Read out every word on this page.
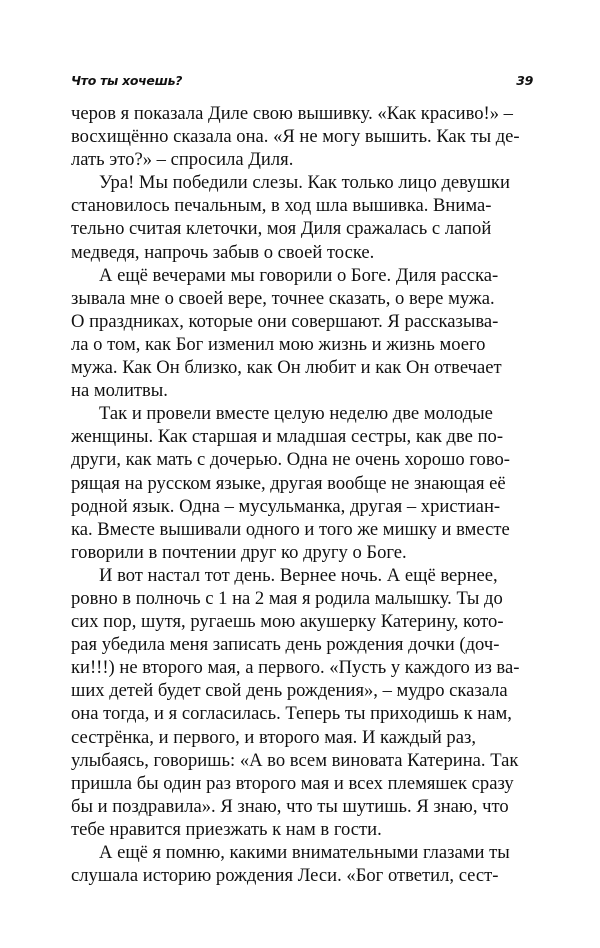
Что ты хочешь?	39
черов я показала Диле свою вышивку. «Как красиво!» –
восхищённо сказала она. «Я не могу вышить. Как ты де-
лать это?» – спросила Диля.
Ура! Мы победили слезы. Как только лицо девушки
становилось печальным, в ход шла вышивка. Внима-
тельно считая клеточки, моя Диля сражалась с лапой
медведя, напрочь забыв о своей тоске.
А ещё вечерами мы говорили о Боге. Диля расска-
зывала мне о своей вере, точнее сказать, о вере мужа.
О праздниках, которые они совершают. Я рассказыва-
ла о том, как Бог изменил мою жизнь и жизнь моего
мужа. Как Он близко, как Он любит и как Он отвечает
на молитвы.
Так и провели вместе целую неделю две молодые
женщины. Как старшая и младшая сестры, как две по-
други, как мать с дочерью. Одна не очень хорошо гово-
рящая на русском языке, другая вообще не знающая её
родной язык. Одна – мусульманка, другая – христиан-
ка. Вместе вышивали одного и того же мишку и вместе
говорили в почтении друг ко другу о Боге.
И вот настал тот день. Вернее ночь. А ещё вернее,
ровно в полночь с 1 на 2 мая я родила малышку. Ты до
сих пор, шутя, ругаешь мою акушерку Катерину, кото-
рая убедила меня записать день рождения дочки (доч-
ки!!!) не второго мая, а первого. «Пусть у каждого из ва-
ших детей будет свой день рождения», – мудро сказала
она тогда, и я согласилась. Теперь ты приходишь к нам,
сестрёнка, и первого, и второго мая. И каждый раз,
улыбаясь, говоришь: «А во всем виновата Катерина. Так
пришла бы один раз второго мая и всех племяшек сразу
бы и поздравила». Я знаю, что ты шутишь. Я знаю, что
тебе нравится приезжать к нам в гости.
А ещё я помню, какими внимательными глазами ты
слушала историю рождения Леси. «Бог ответил, сест-
